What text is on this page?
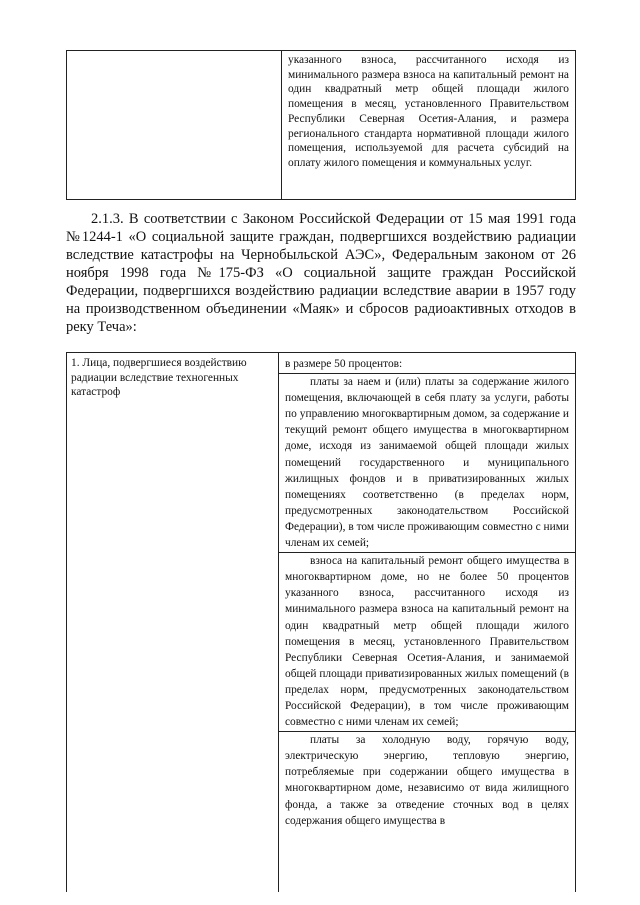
указанного взноса, рассчитанного исходя из минимального размера взноса на капитальный ремонт на один квадратный метр общей площади жилого помещения в месяц, установленного Правительством Республики Северная Осетия-Алания, и размера регионального стандарта нормативной площади жилого помещения, используемой для расчета субсидий на оплату жилого помещения и коммунальных услуг.

2.1.3. В соответствии с Законом Российской Федерации от 15 мая 1991 года №1244-1 «О социальной защите граждан, подвергшихся воздействию радиации вследствие катастрофы на Чернобыльской АЭС», Федеральным законом от 26 ноября 1998 года №175-ФЗ «О социальной защите граждан Российской Федерации, подвергшихся воздействию радиации вследствие аварии в 1957 году на производственном объединении «Маяк» и сбросов радиоактивных отходов в реку Теча»:

1. Лица, подвергшиеся воздействию радиации вследствие техногенных катастроф

в размере 50 процентов:

платы за наем и (или) платы за содержание жилого помещения, включающей в себя плату за услуги, работы по управлению многоквартирным домом, за содержание и текущий ремонт общего имущества в многоквартирном доме, исходя из занимаемой общей площади жилых помещений государственного и муниципального жилищных фондов и в приватизированных жилых помещениях соответственно (в пределах норм, предусмотренных законодательством Российской Федерации), в том числе проживающим совместно с ними членам их семей;

взноса на капитальный ремонт общего имущества в многоквартирном доме, но не более 50 процентов указанного взноса, рассчитанного исходя из минимального размера взноса на капитальный ремонт на один квадратный метр общей площади жилого помещения в месяц, установленного Правительством Республики Северная Осетия-Алания, и занимаемой общей площади приватизированных жилых помещений (в пределах норм, предусмотренных законодательством Российской Федерации), в том числе проживающим совместно с ними членам их семей;

платы за холодную воду, горячую воду, электрическую энергию, тепловую энергию, потребляемые при содержании общего имущества в многоквартирном доме, независимо от вида жилищного фонда, а также за отведение сточных вод в целях содержания общего имущества в
